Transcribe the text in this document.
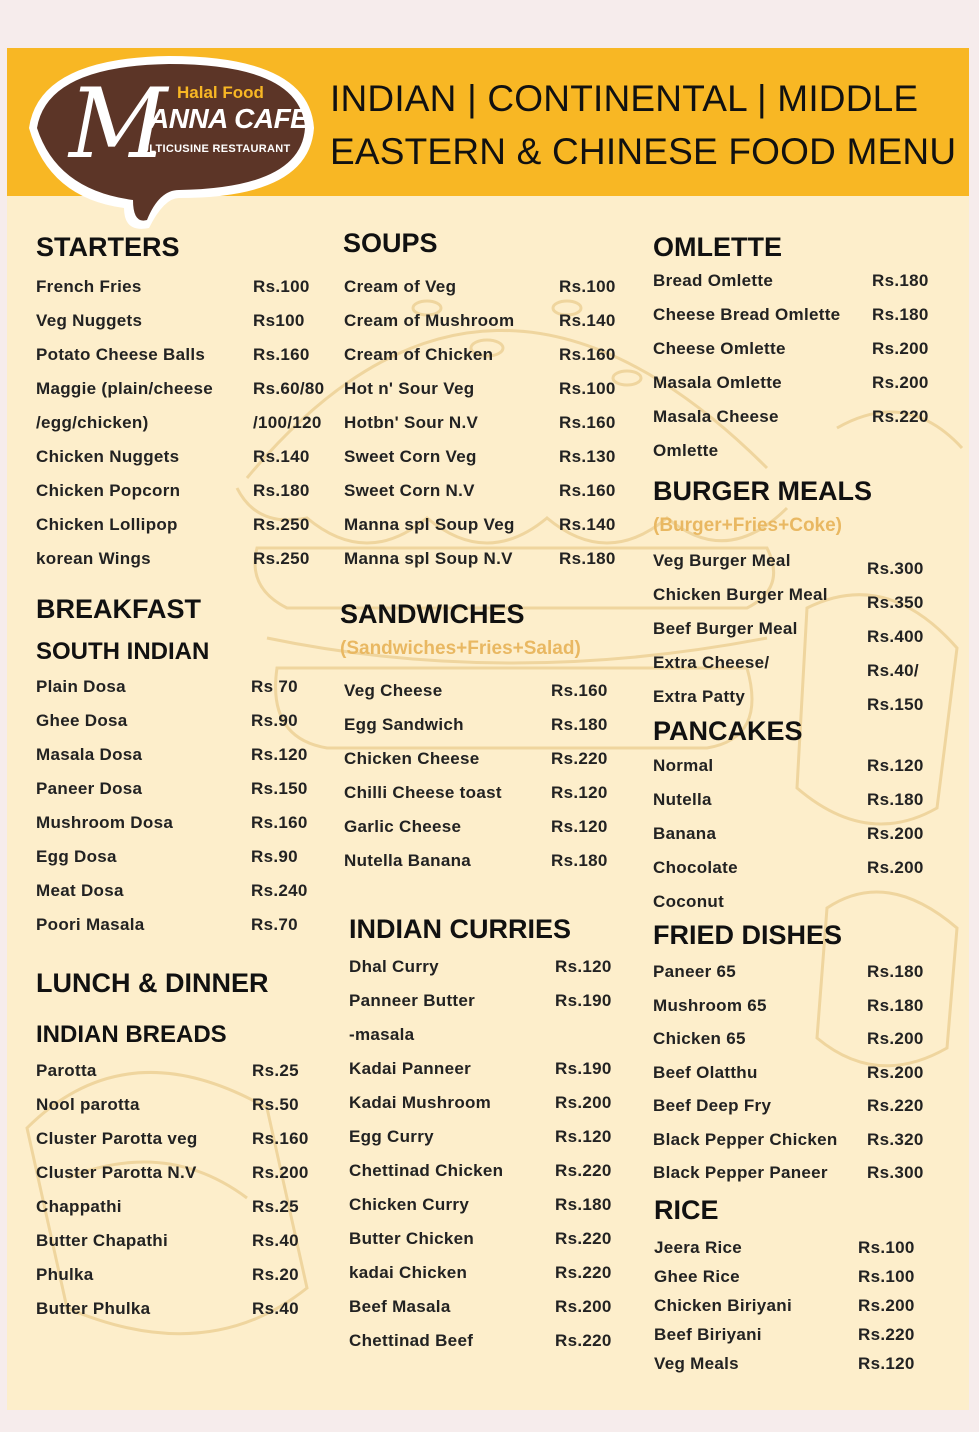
M Halal Food
ANNA CAFE
ULTICUSINE RESTAURANT
INDIAN | CONTINENTAL | MIDDLE
EASTERN & CHINESE FOOD MENU
STARTERS
French Fries	Rs.100
Veg Nuggets	Rs100
Potato Cheese Balls	Rs.160
Maggie (plain/cheese Rs.60/80
/egg/chicken)	/100/120
Chicken Nuggets	Rs.140
Chicken Popcorn	Rs.180
Chicken Lollipop	Rs.250
korean Wings	Rs.250
BREAKFAST
SOUTH INDIAN
Plain Dosa	Rs 70
Ghee Dosa	Rs.90
Masala Dosa	Rs.120
Paneer Dosa	Rs.150
Mushroom Dosa	Rs.160
Egg Dosa	Rs.90
Meat Dosa	Rs.240
Poori Masala	Rs.70
LUNCH & DINNER
INDIAN BREADS
Parotta	Rs.25
Nool parotta	Rs.50
Cluster Parotta veg	Rs.160
Cluster Parotta N.V	Rs.200
Chappathi	Rs.25
Butter Chapathi	Rs.40
Phulka	Rs.20
Butter Phulka	Rs.40
SOUPS
Cream of Veg	Rs.100
Cream of Mushroom	Rs.140
Cream of Chicken	Rs.160
Hot n' Sour Veg	Rs.100
Hotbn' Sour N.V	Rs.160
Sweet Corn Veg	Rs.130
Sweet Corn N.V	Rs.160
Manna spl Soup Veg	Rs.140
Manna spl Soup N.V	Rs.180
SANDWICHES
(Sandwiches+Fries+Salad)
Veg Cheese	Rs.160
Egg Sandwich	Rs.180
Chicken Cheese	Rs.220
Chilli Cheese toast	Rs.120
Garlic Cheese	Rs.120
Nutella Banana	Rs.180
INDIAN CURRIES
Dhal Curry	Rs.120
Panneer Butter	Rs.190
-masala
Kadai Panneer	Rs.190
Kadai Mushroom	Rs.200
Egg Curry	Rs.120
Chettinad Chicken	Rs.220
Chicken Curry	Rs.180
Butter Chicken	Rs.220
kadai Chicken	Rs.220
Beef Masala	Rs.200
Chettinad Beef	Rs.220
OMLETTE
Bread Omlette	Rs.180
Cheese Bread Omlette Rs.180
Cheese Omlette	Rs.200
Masala Omlette	Rs.200
Masala Cheese	Rs.220
Omlette
BURGER MEALS
(Burger+Fries+Coke)
Veg Burger Meal	Rs.300
Chicken Burger Meal Rs.350
Beef Burger Meal	Rs.400
Extra Cheese/	Rs.40/
Extra Patty	Rs.150
PANCAKES
Normal	Rs.120
Nutella	Rs.180
Banana	Rs.200
Chocolate	Rs.200
Coconut
FRIED DISHES
Paneer 65	Rs.180
Mushroom 65	Rs.180
Chicken 65	Rs.200
Beef Olatthu	Rs.200
Beef Deep Fry	Rs.220
Black Pepper Chicken Rs.320
Black Pepper Paneer Rs.300
RICE
Jeera Rice	Rs.100
Ghee Rice	Rs.100
Chicken Biriyani	Rs.200
Beef Biriyani	Rs.220
Veg Meals	Rs.120
